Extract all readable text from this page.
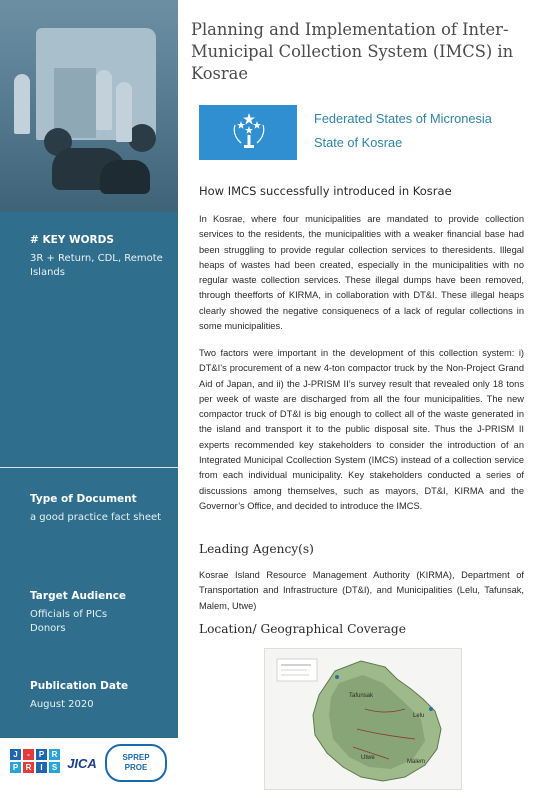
# KEY WORDS
3R + Return, CDL, Remote Islands
Type of Document
a good practice fact sheet
Target Audience
Officials of PICs
Donors
Publication Date
August 2020
J	-	P R
P R	I	S JICA	SPREP
PROE
Planning and Implementation of Inter-Municipal Collection System (IMCS) in Kosrae
Federated States of Micronesia
State of Kosrae
How IMCS successfully introduced in Kosrae

In Kosrae, where four municipalities are mandated to provide collection services to the residents, the municipalities with a weaker financial base had been struggling to provide regular collection services to theresidents. Illegal heaps of wastes had been created, especially in the municipalities with no regular waste collection services. These illegal dumps have been removed, through theefforts of KIRMA, in collaboration with DT&I. These illegal heaps clearly showed the negative consiquenecs of a lack of regular collections in some municipalities.

Two factors were important in the development of this collection system: i) DT&I’s procurement of a new 4-ton compactor truck by the Non-Project Grand Aid of Japan, and ii) the J-PRISM II’s survey result that revealed only 18 tons per week of waste are discharged from all the four municipalities. The new compactor truck of DT&I is big enough to collect all of the waste generated in the island and transport it to the public disposal site. Thus the J-PRISM II experts recommended key stakeholders to consider the introduction of an Integrated Municipal Ccollection System (IMCS) instead of a collection service from each individual municipality. Key stakeholders conducted a series of discussions among themselves, such as mayors, DT&I, KIRMA and the Governor’s Office, and decided to introduce the IMCS.

Leading Agency(s)

Kosrae Island Resource Management Authority (KIRMA), Department of Transportation and Infrastructure (DT&I), and Municipalities (Lelu, Tafunsak, Malem, Utwe)

Location/ Geographical Coverage
Tafunsak
Lelu
Utwe
Malem
